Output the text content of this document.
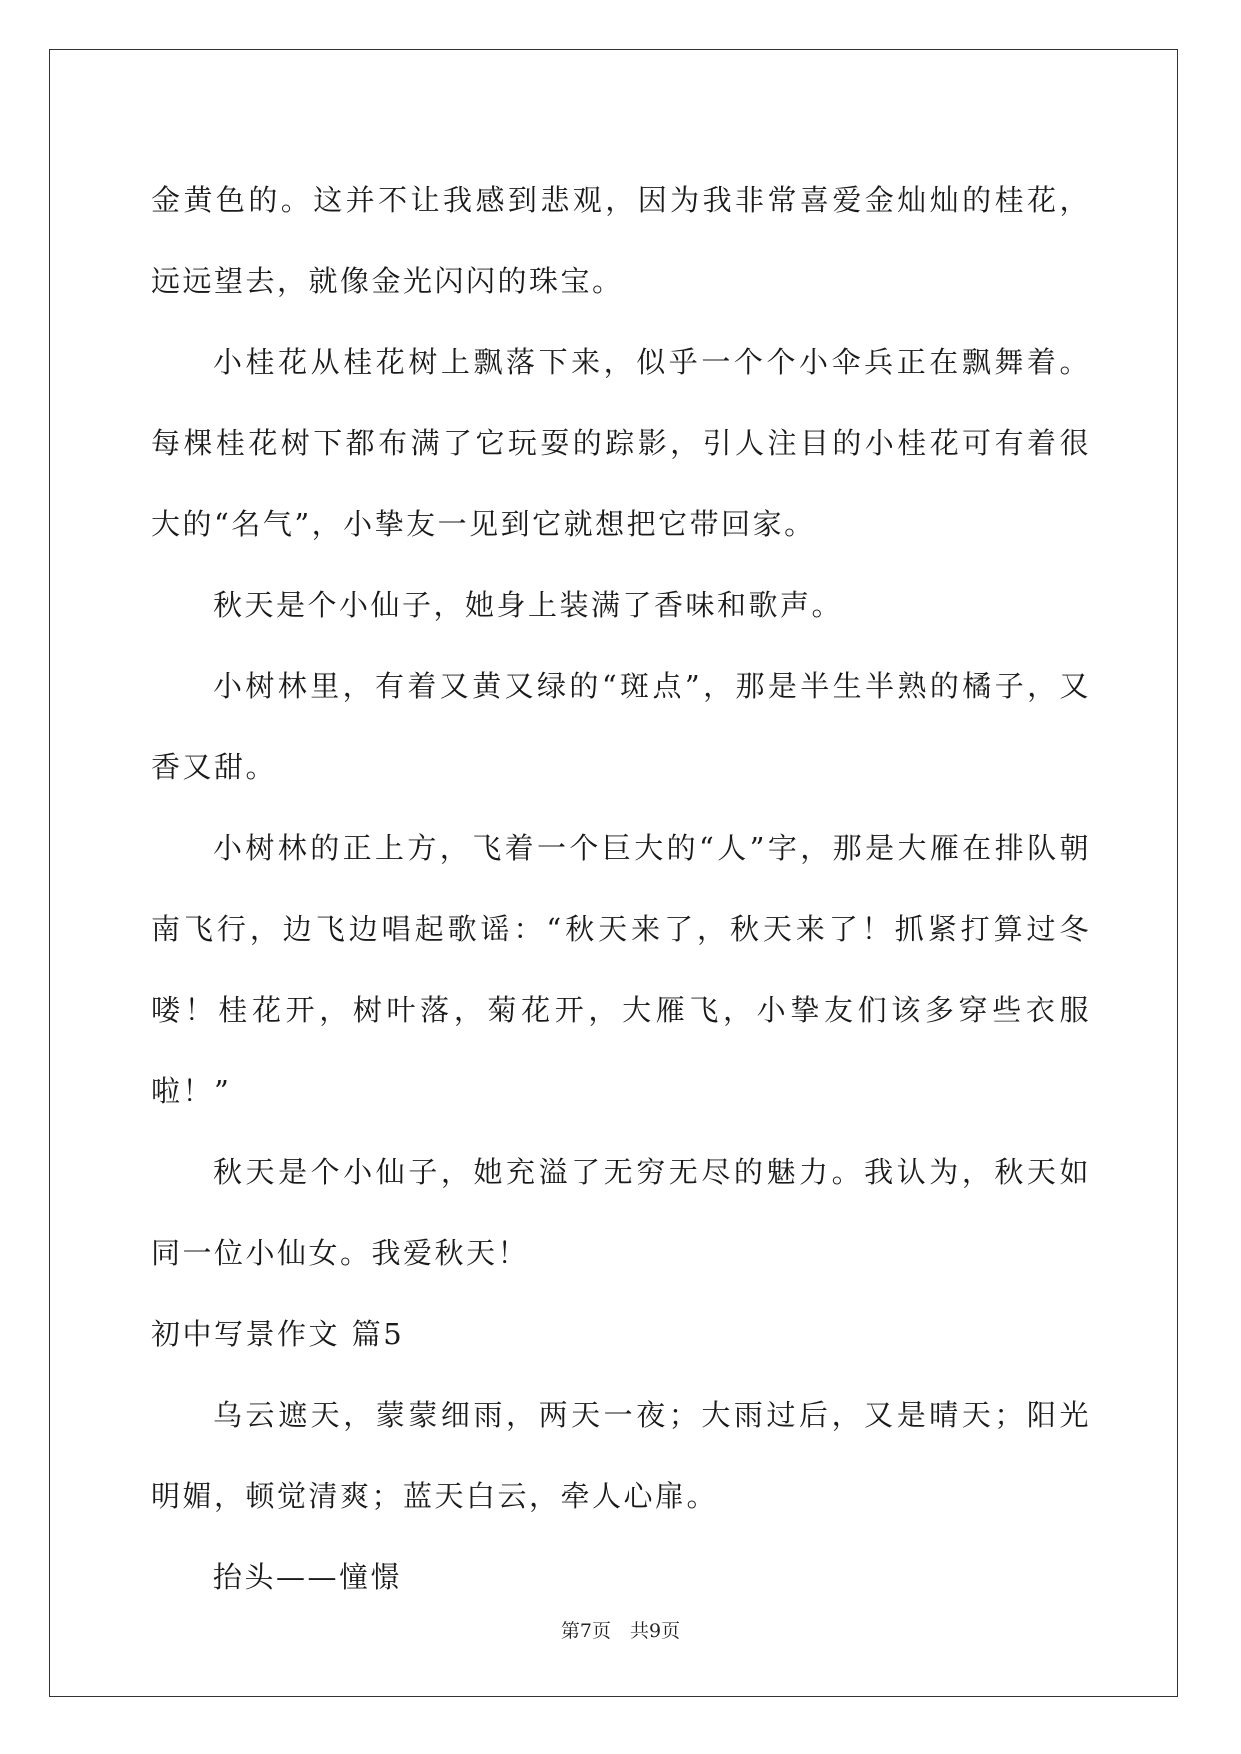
金黄色的。这并不让我感到悲观，因为我非常喜爱金灿灿的桂花，远远望去，就像金光闪闪的珠宝。

小桂花从桂花树上飘落下来，似乎一个个小伞兵正在飘舞着。每棵桂花树下都布满了它玩耍的踪影，引人注目的小桂花可有着很大的“名气”，小挚友一见到它就想把它带回家。

秋天是个小仙子，她身上装满了香味和歌声。

小树林里，有着又黄又绿的“斑点”，那是半生半熟的橘子，又香又甜。

小树林的正上方，飞着一个巨大的“人”字，那是大雁在排队朝南飞行，边飞边唱起歌谣：“秋天来了，秋天来了！抓紧打算过冬喽！桂花开，树叶落，菊花开，大雁飞，小挚友们该多穿些衣服啦！”

秋天是个小仙子，她充溢了无穷无尽的魅力。我认为，秋天如同一位小仙女。我爱秋天！

初中写景作文 篇5

乌云遮天，蒙蒙细雨，两天一夜；大雨过后，又是晴天；阳光明媚，顿觉清爽；蓝天白云，牵人心扉。

抬头——憧憬

第7页　共9页
